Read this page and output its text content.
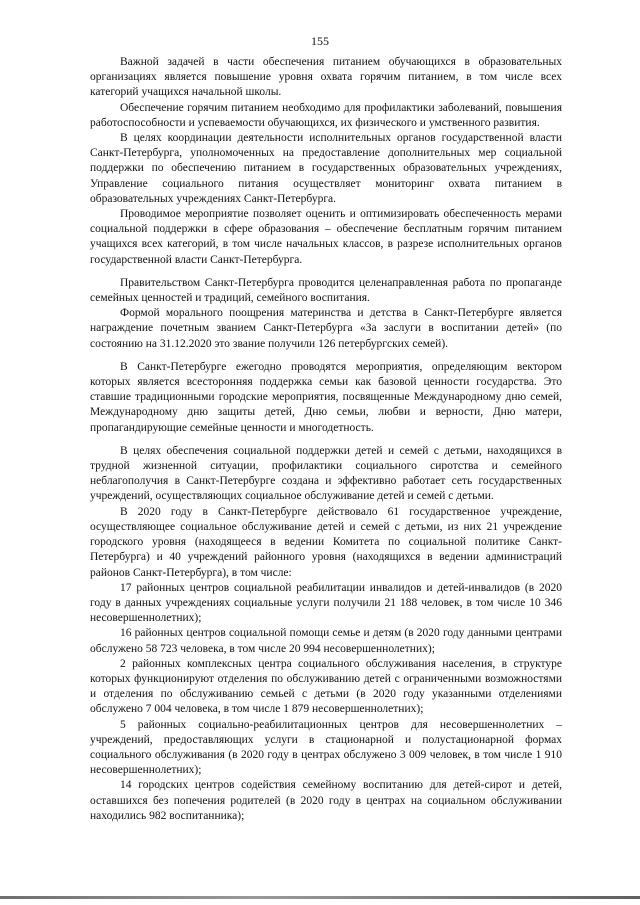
155

Важной задачей в части обеспечения питанием обучающихся в образовательных организациях является повышение уровня охвата горячим питанием, в том числе всех категорий учащихся начальной школы.

Обеспечение горячим питанием необходимо для профилактики заболеваний, повышения работоспособности и успеваемости обучающихся, их физического и умственного развития.

В целях координации деятельности исполнительных органов государственной власти Санкт-Петербурга, уполномоченных на предоставление дополнительных мер социальной поддержки по обеспечению питанием в государственных образовательных учреждениях, Управление социального питания осуществляет мониторинг охвата питанием в образовательных учреждениях Санкт-Петербурга.

Проводимое мероприятие позволяет оценить и оптимизировать обеспеченность мерами социальной поддержки в сфере образования – обеспечение бесплатным горячим питанием учащихся всех категорий, в том числе начальных классов, в разрезе исполнительных органов государственной власти Санкт-Петербурга.

Правительством Санкт-Петербурга проводится целенаправленная работа по пропаганде семейных ценностей и традиций, семейного воспитания.

Формой морального поощрения материнства и детства в Санкт-Петербурге является награждение почетным званием Санкт-Петербурга «За заслуги в воспитании детей» (по состоянию на 31.12.2020 это звание получили 126 петербургских семей).

В Санкт-Петербурге ежегодно проводятся мероприятия, определяющим вектором которых является всесторонняя поддержка семьи как базовой ценности государства. Это ставшие традиционными городские мероприятия, посвященные Международному дню семей, Международному дню защиты детей, Дню семьи, любви и верности, Дню матери, пропагандирующие семейные ценности и многодетность.

В целях обеспечения социальной поддержки детей и семей с детьми, находящихся в трудной жизненной ситуации, профилактики социального сиротства и семейного неблагополучия в Санкт-Петербурге создана и эффективно работает сеть государственных учреждений, осуществляющих социальное обслуживание детей и семей с детьми.

В 2020 году в Санкт-Петербурге действовало 61 государственное учреждение, осуществляющее социальное обслуживание детей и семей с детьми, из них 21 учреждение городского уровня (находящееся в ведении Комитета по социальной политике Санкт-Петербурга) и 40 учреждений районного уровня (находящихся в ведении администраций районов Санкт-Петербурга), в том числе:

17 районных центров социальной реабилитации инвалидов и детей-инвалидов (в 2020 году в данных учреждениях социальные услуги получили 21 188 человек, в том числе 10 346 несовершеннолетних);

16 районных центров социальной помощи семье и детям (в 2020 году данными центрами обслужено 58 723 человека, в том числе 20 994 несовершеннолетних);

2 районных комплексных центра социального обслуживания населения, в структуре которых функционируют отделения по обслуживанию детей с ограниченными возможностями и отделения по обслуживанию семьей с детьми (в 2020 году указанными отделениями обслужено 7 004 человека, в том числе 1 879 несовершеннолетних);

5 районных социально-реабилитационных центров для несовершеннолетних – учреждений, предоставляющих услуги в стационарной и полустационарной формах социального обслуживания (в 2020 году в центрах обслужено 3 009 человек, в том числе 1 910 несовершеннолетних);

14 городских центров содействия семейному воспитанию для детей-сирот и детей, оставшихся без попечения родителей (в 2020 году в центрах на социальном обслуживании находились 982 воспитанника);
